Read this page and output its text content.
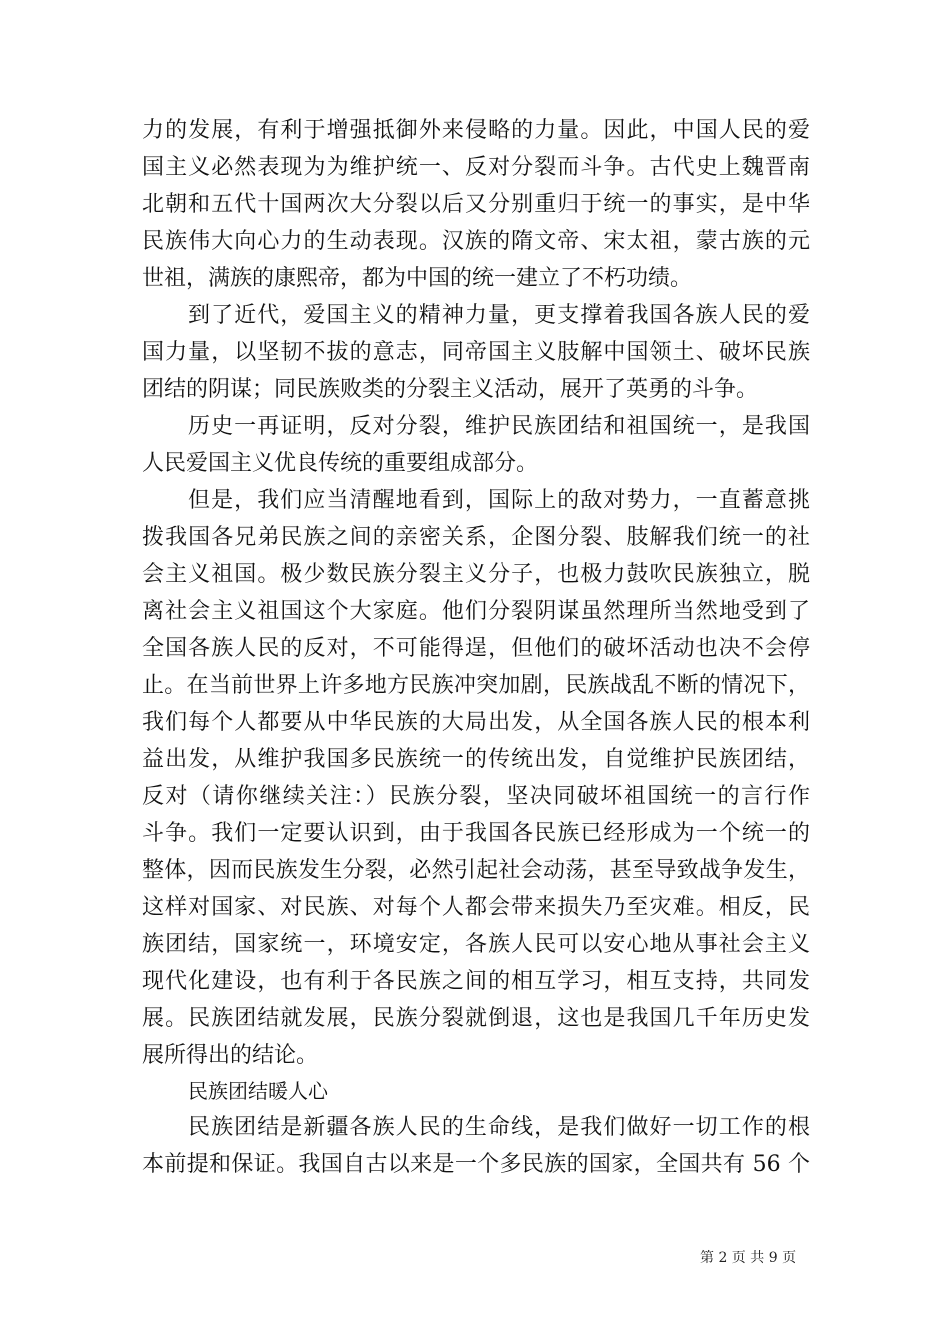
力的发展，有利于增强抵御外来侵略的力量。因此，中国人民的爱
国主义必然表现为为维护统一、反对分裂而斗争。古代史上魏晋南
北朝和五代十国两次大分裂以后又分别重归于统一的事实，是中华
民族伟大向心力的生动表现。汉族的隋文帝、宋太祖，蒙古族的元
世祖，满族的康熙帝，都为中国的统一建立了不朽功绩。
到了近代，爱国主义的精神力量，更支撑着我国各族人民的爱
国力量，以坚韧不拔的意志，同帝国主义肢解中国领土、破坏民族
团结的阴谋；同民族败类的分裂主义活动，展开了英勇的斗争。
历史一再证明，反对分裂，维护民族团结和祖国统一，是我国
人民爱国主义优良传统的重要组成部分。
但是，我们应当清醒地看到，国际上的敌对势力，一直蓄意挑
拨我国各兄弟民族之间的亲密关系，企图分裂、肢解我们统一的社
会主义祖国。极少数民族分裂主义分子，也极力鼓吹民族独立，脱
离社会主义祖国这个大家庭。他们分裂阴谋虽然理所当然地受到了
全国各族人民的反对，不可能得逞，但他们的破坏活动也决不会停
止。在当前世界上许多地方民族冲突加剧，民族战乱不断的情况下，
我们每个人都要从中华民族的大局出发，从全国各族人民的根本利
益出发，从维护我国多民族统一的传统出发，自觉维护民族团结，
反对（请你继续关注：）民族分裂，坚决同破坏祖国统一的言行作
斗争。我们一定要认识到，由于我国各民族已经形成为一个统一的
整体，因而民族发生分裂，必然引起社会动荡，甚至导致战争发生，
这样对国家、对民族、对每个人都会带来损失乃至灾难。相反，民
族团结，国家统一，环境安定，各族人民可以安心地从事社会主义
现代化建设，也有利于各民族之间的相互学习，相互支持，共同发
展。民族团结就发展，民族分裂就倒退，这也是我国几千年历史发
展所得出的结论。
民族团结暖人心
民族团结是新疆各族人民的生命线，是我们做好一切工作的根
本前提和保证。我国自古以来是一个多民族的国家，全国共有 56 个
第 2 页 共 9 页
